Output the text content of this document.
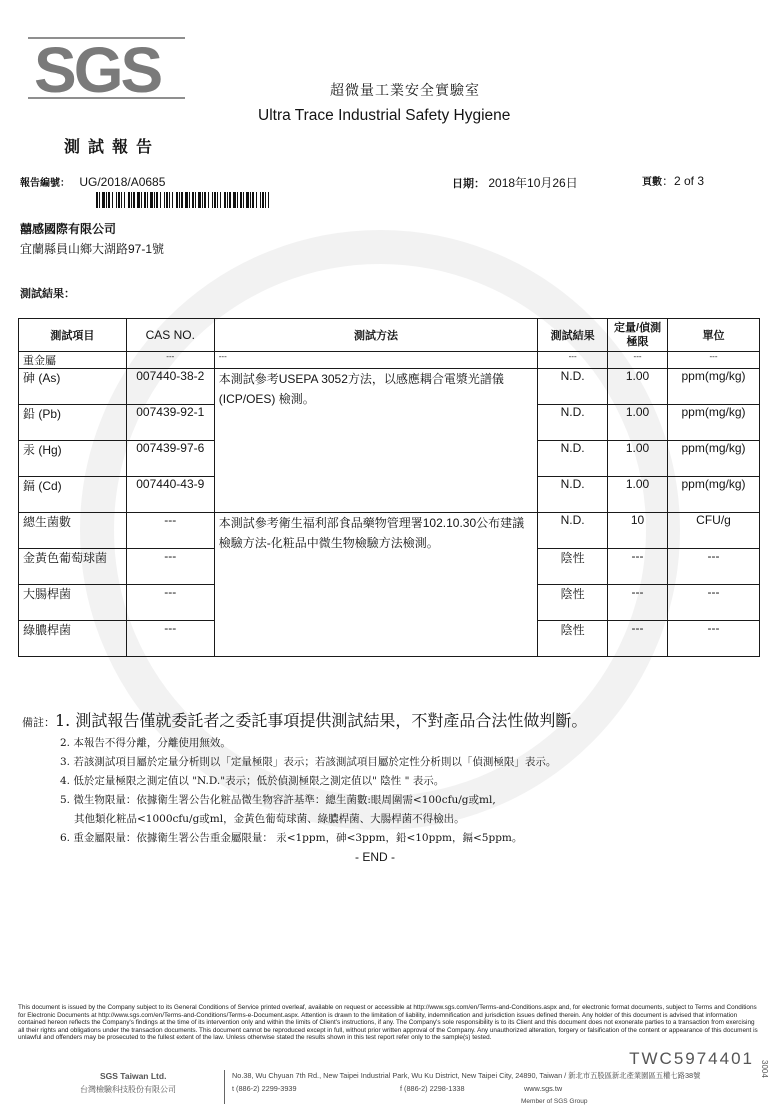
SGS	超微量工業安全實驗室
Ultra Trace Industrial Safety Hygiene
測試報告
報告編號： UG/2018/A0685	日期： 2018年10月26日	頁數：2 of 3
囍感國際有限公司
宜蘭縣員山鄉大湖路97-1號
測試結果：
測試項目	CAS NO.	測試方法	測試結果	定量/偵測極限	單位
重金屬	---	---	---	---	---
砷 (As)	007440-38-2	本測試參考USEPA 3052方法，以感應耦合電漿光譜儀(ICP/OES) 檢測。	N.D.	1.00	ppm(mg/kg)
鉛 (Pb)	007439-92-1		N.D.	1.00	ppm(mg/kg)
汞 (Hg)	007439-97-6		N.D.	1.00	ppm(mg/kg)
鎘 (Cd)	007440-43-9		N.D.	1.00	ppm(mg/kg)
總生菌數	---	本測試參考衛生福利部食品藥物管理署102.10.30公布建議檢驗方法-化粧品中微生物檢驗方法檢測。	N.D.	10	CFU/g
金黃色葡萄球菌	---		陰性	---	---
大腸桿菌	---		陰性	---	---
綠膿桿菌	---		陰性	---	---
備註：1. 測試報告僅就委託者之委託事項提供測試結果，不對產品合法性做判斷。
2. 本報告不得分離，分離使用無效。
3. 若該測試項目屬於定量分析則以「定量極限」表示；若該測試項目屬於定性分析則以「偵測極限」表示。
4. 低於定量極限之測定值以 "N.D."表示；低於偵測極限之測定值以" 陰性 " 表示。
5. 微生物限量：依據衛生署公告化粧品微生物容許基準：總生菌數:眼周圍需<100cfu/g或ml,
其他類化粧品<1000cfu/g或ml，金黃色葡萄球菌、綠膿桿菌、大腸桿菌不得檢出。
6. 重金屬限量：依據衛生署公告重金屬限量： 汞<1ppm，砷<3ppm，鉛<10ppm，鎘<5ppm。
- END -
This document is issued by the Company subject to its General Conditions of Service printed overleaf, available on request or accessible at http://www.sgs.com/en/Terms-and-Conditions.aspx and, for electronic format documents, subject to Terms and Conditions for Electronic Documents at http://www.sgs.com/en/Terms-and-Conditions/Terms-e-Document.aspx. Attention is drawn to the limitation of liability, indemnification and jurisdiction issues defined therein. Any holder of this document is advised that information contained hereon reflects the Company's findings at the time of its intervention only and within the limits of Client's instructions, if any. The Company's sole responsibility is to its Client and this document does not exonerate parties to a transaction from exercising all their rights and obligations under the transaction documents. This document cannot be reproduced except in full, without prior written approval of the Company. Any unauthorized alteration, forgery or falsification of the content or appearance of this document is unlawful and offenders may be prosecuted to the fullest extent of the law. Unless otherwise stated the results shown in this test report refer only to the sample(s) tested.
TWC5974401
SGS Taiwan Ltd.
台灣檢驗科技股份有限公司
No.38, Wu Chyuan 7th Rd., New Taipei Industrial Park, Wu Ku District, New Taipei City, 24890, Taiwan / 新北市五股區新北產業園區五權七路38號
t (886-2) 2299-3939	f (886-2) 2298-1338	www.sgs.tw
Member of SGS Group
3004
